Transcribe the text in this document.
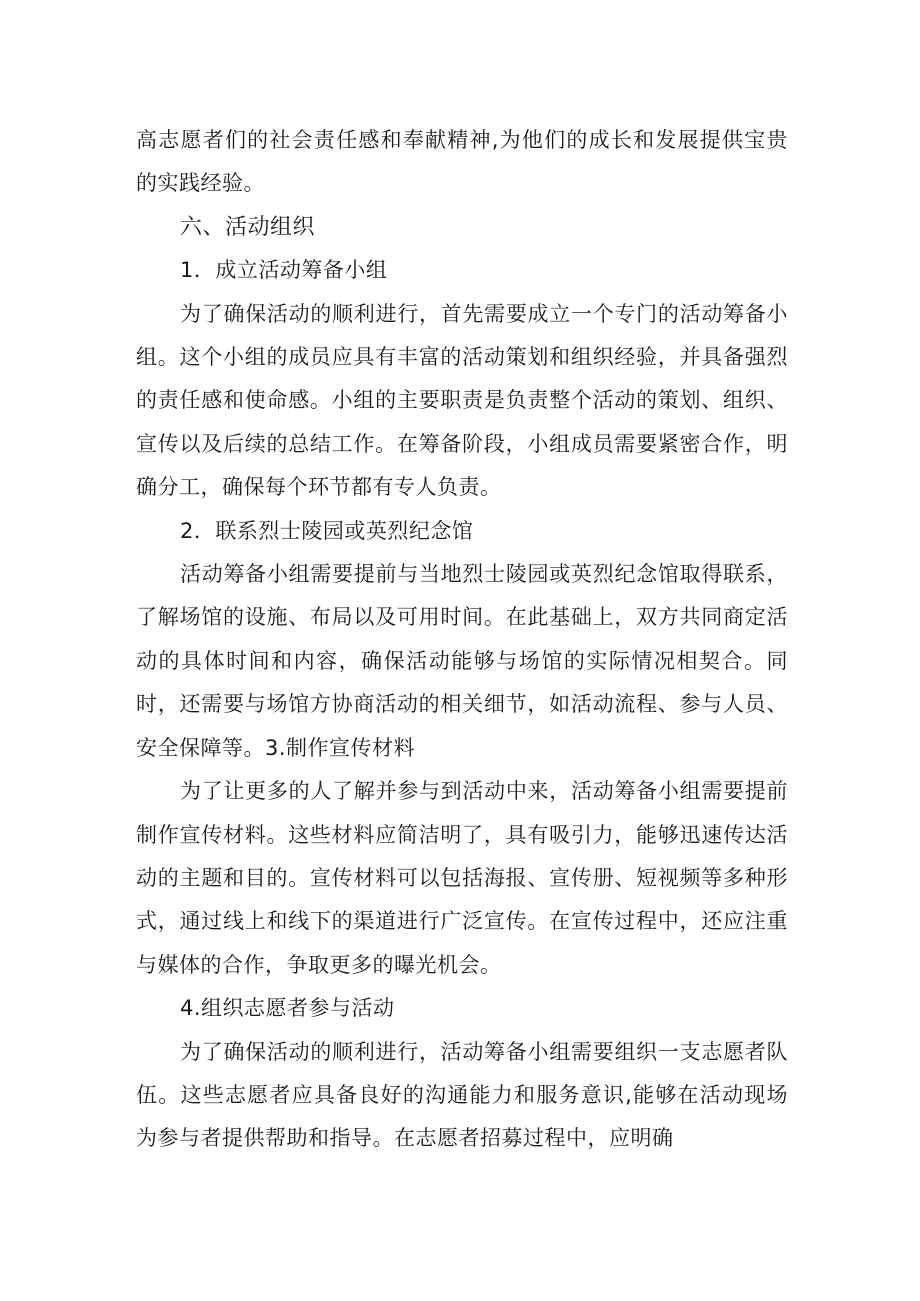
高志愿者们的社会责任感和奉献精神,为他们的成长和发展提供宝贵的实践经验。

六、活动组织

1．成立活动筹备小组

为了确保活动的顺利进行，首先需要成立一个专门的活动筹备小组。这个小组的成员应具有丰富的活动策划和组织经验，并具备强烈的责任感和使命感。小组的主要职责是负责整个活动的策划、组织、宣传以及后续的总结工作。在筹备阶段，小组成员需要紧密合作，明确分工，确保每个环节都有专人负责。

2．联系烈士陵园或英烈纪念馆

活动筹备小组需要提前与当地烈士陵园或英烈纪念馆取得联系，了解场馆的设施、布局以及可用时间。在此基础上，双方共同商定活动的具体时间和内容，确保活动能够与场馆的实际情况相契合。同时，还需要与场馆方协商活动的相关细节，如活动流程、参与人员、安全保障等。3.制作宣传材料

为了让更多的人了解并参与到活动中来，活动筹备小组需要提前制作宣传材料。这些材料应简洁明了，具有吸引力，能够迅速传达活动的主题和目的。宣传材料可以包括海报、宣传册、短视频等多种形式，通过线上和线下的渠道进行广泛宣传。在宣传过程中，还应注重与媒体的合作，争取更多的曝光机会。

4.组织志愿者参与活动

为了确保活动的顺利进行，活动筹备小组需要组织一支志愿者队伍。这些志愿者应具备良好的沟通能力和服务意识,能够在活动现场为参与者提供帮助和指导。在志愿者招募过程中，应明确
